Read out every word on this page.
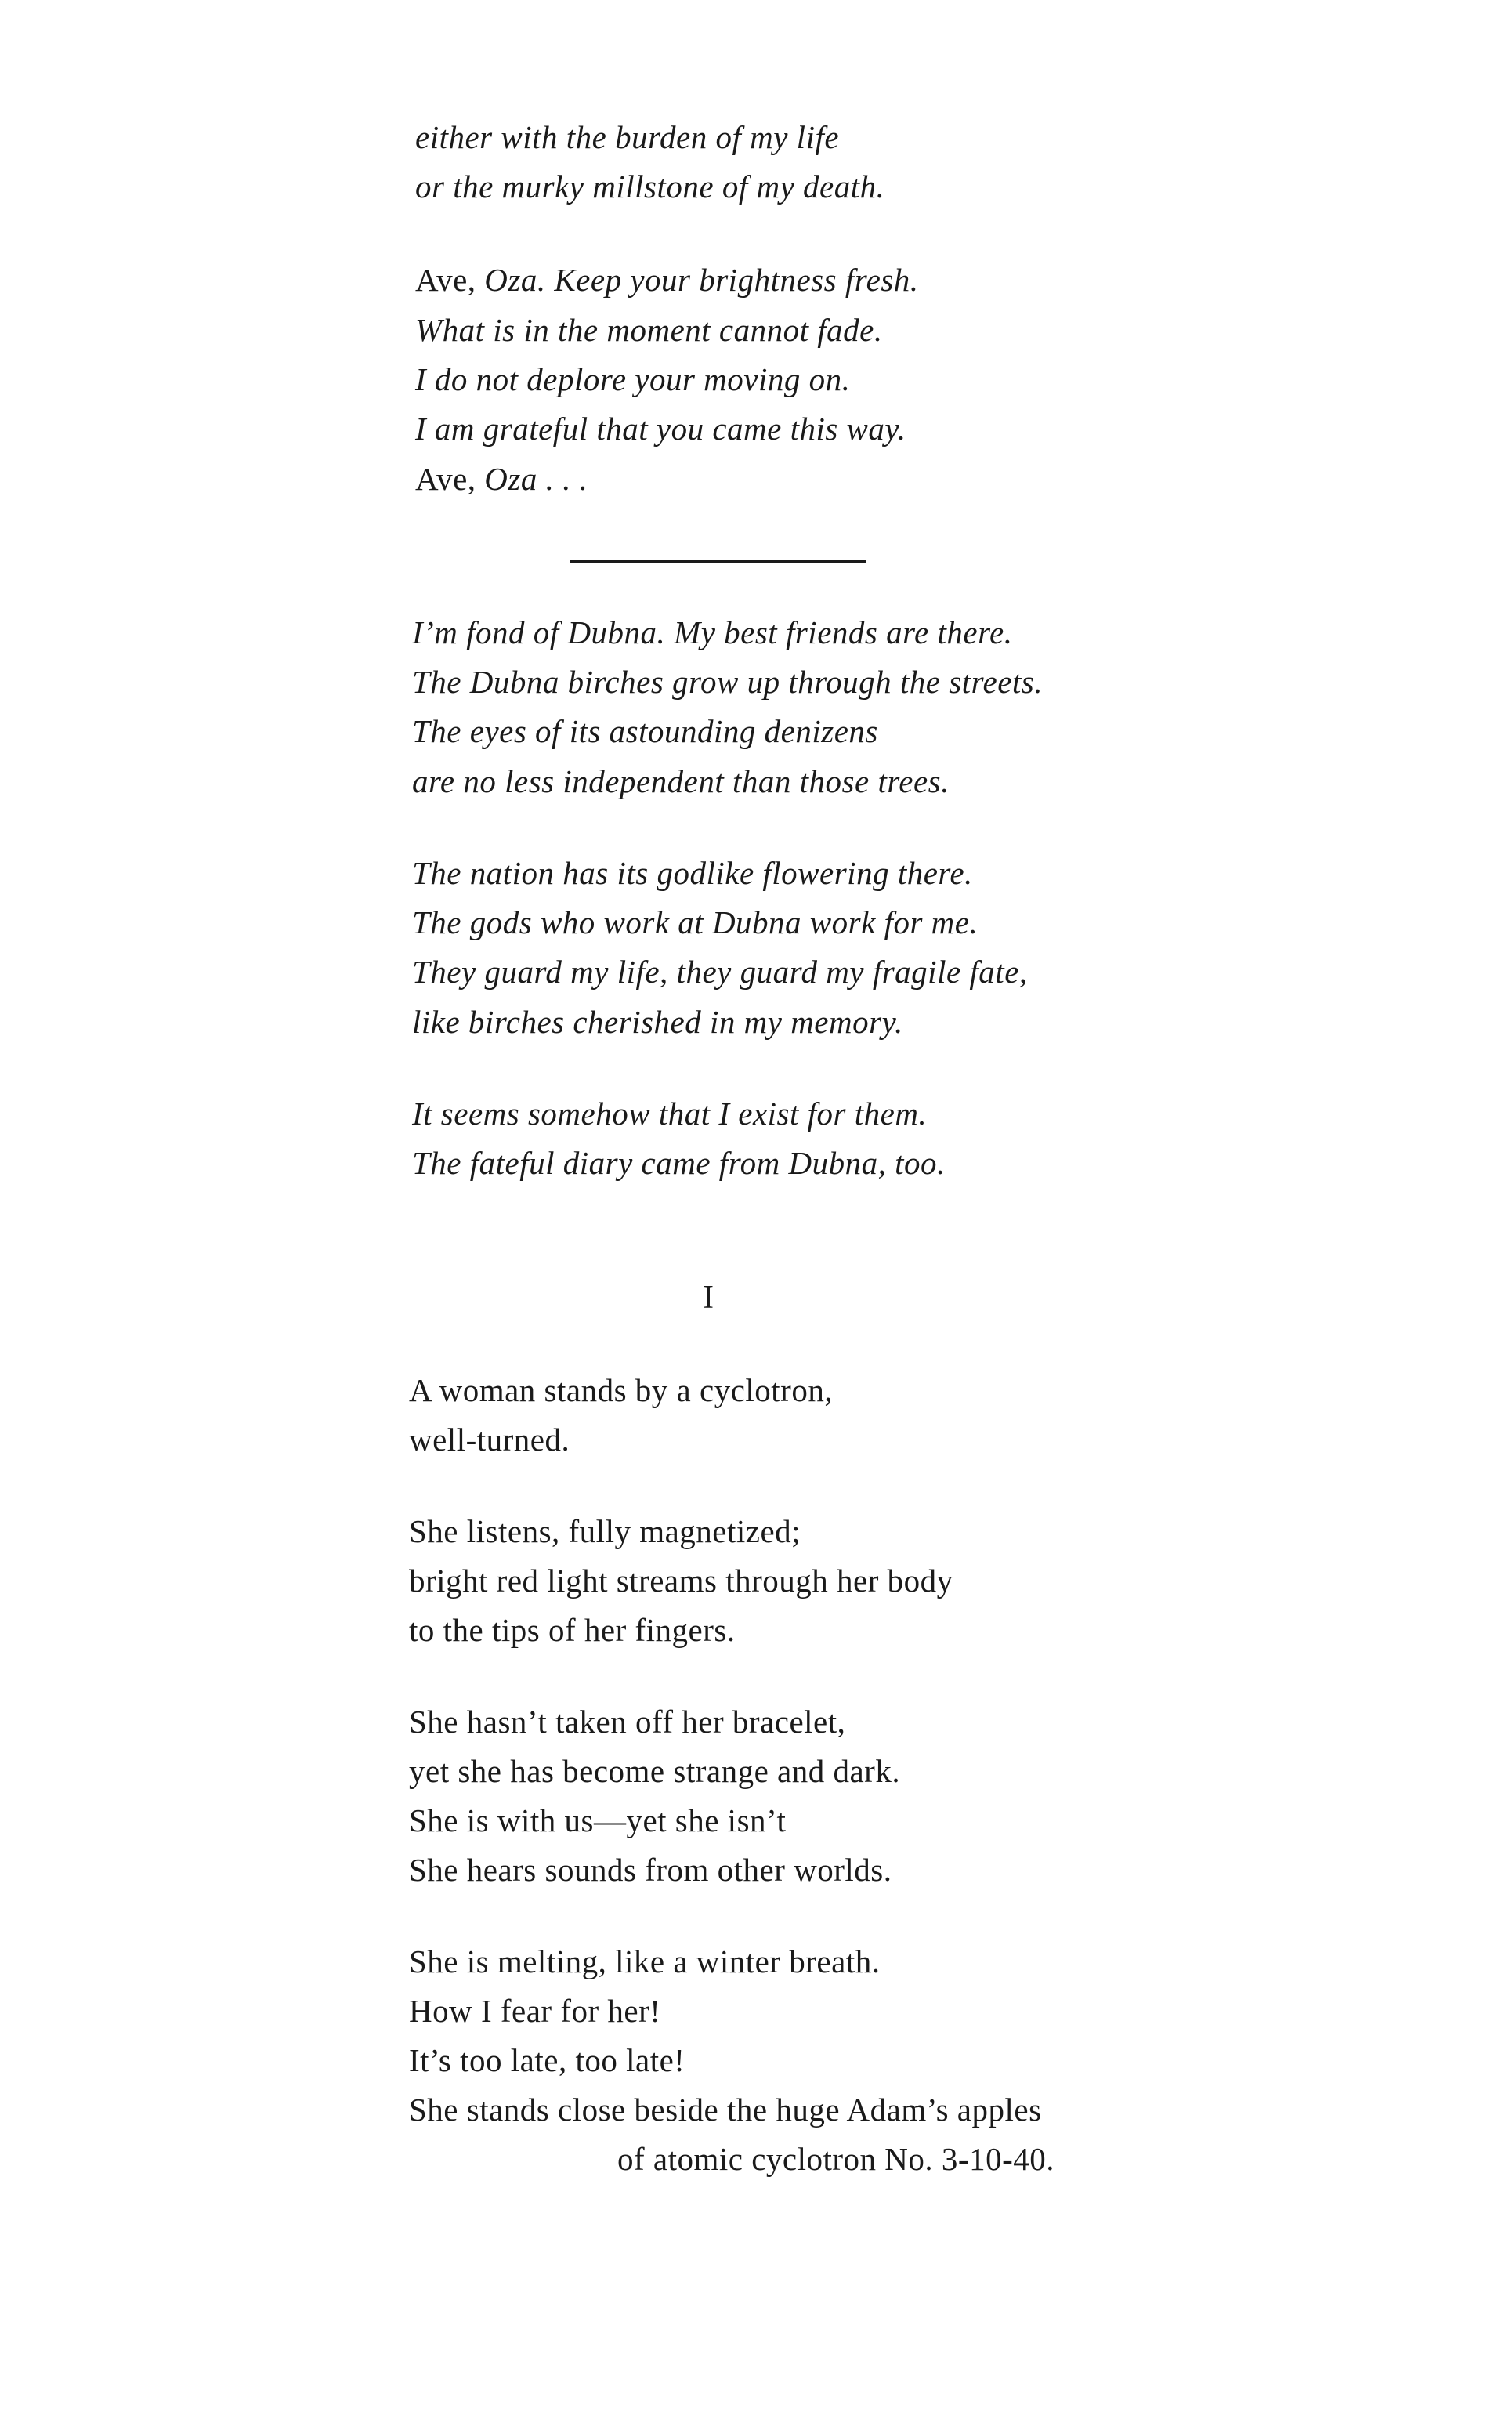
either with the burden of my life
or the murky millstone of my death.
Ave, Oza. Keep your brightness fresh.
What is in the moment cannot fade.
I do not deplore your moving on.
I am grateful that you came this way.
Ave, Oza . . .
I’m fond of Dubna. My best friends are there.
The Dubna birches grow up through the streets.
The eyes of its astounding denizens
are no less independent than those trees.
The nation has its godlike flowering there.
The gods who work at Dubna work for me.
They guard my life, they guard my fragile fate,
like birches cherished in my memory.
It seems somehow that I exist for them.
The fateful diary came from Dubna, too.
I
A woman stands by a cyclotron,
well-turned.
She listens, fully magnetized;
bright red light streams through her body
to the tips of her fingers.
She hasn’t taken off her bracelet,
yet she has become strange and dark.
She is with us—yet she isn’t
She hears sounds from other worlds.
She is melting, like a winter breath.
How I fear for her!
It’s too late, too late!
She stands close beside the huge Adam’s apples
of atomic cyclotron No. 3-10-40.
